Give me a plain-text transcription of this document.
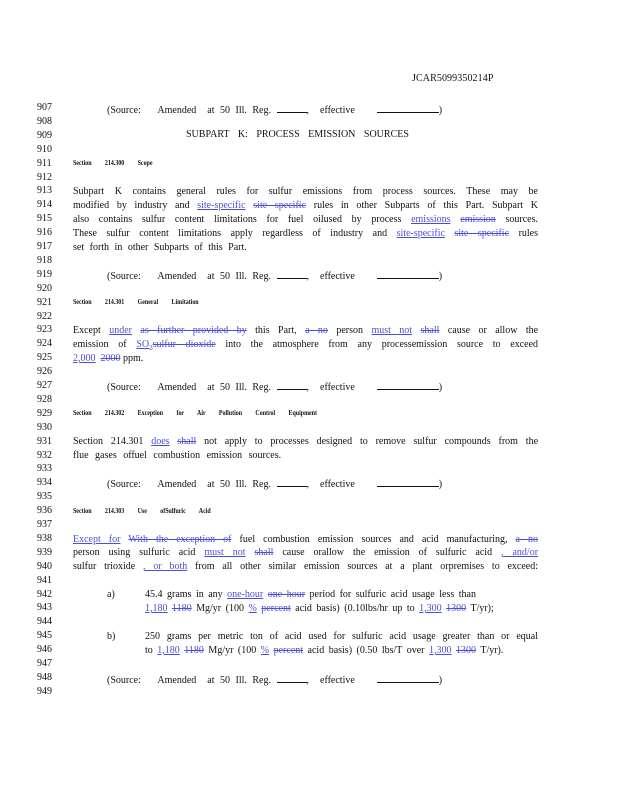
JCAR5099350214P
907
908
909
910
911
912
913
914
915
916
917
918
919
920
921
922
923
924
925
926
927
928
929
930
931
932
933
934
935
936
937
938
939
940
941
942
943
944
945
946
947
948
949
(Source: Amended at 50 Ill. Reg.	,  effective	)
SUBPART K: PROCESS EMISSION SOURCES
Section 214.300 Scope
Subpart K contains general rules for sulfur emissions from process sources. These may be
modified by industry and site-specific site specific rules in other Subparts of this Part. Subpart K
also contains sulfur content limitations for fuel oilused by process emissions emission sources.
These sulfur content limitations apply regardless of industry and site-specific site specific rules
set forth in other Subparts of this Part.
(Source: Amended at 50 Ill. Reg.	,  effective	)
Section 214.301 General Limitation
Except under as further provided by this Part, a no person must not shall cause or allow the
emission of $SO_2sulfur$ dioxide into the atmosphere from any processemission source to exceed
2,000 2000 ppm.
(Source: Amended at 50 Ill. Reg.	,  effective	)
Section 214.302 Exception for Air Pollution Control Equipment
Section 214.301 does shall not apply to processes designed to remove sulfur compounds from the
flue gases offuel combustion emission sources.
(Source: Amended at 50 Ill. Reg.	,  effective	)
Section 214.303 Use ofSulfuric Acid
Except for With the exception of fuel combustion emission sources and acid manufacturing, a no
person using sulfuric acid must not shall cause orallow the emission of sulfuric acid , and/or
sulfur trioxide , or both from all other similar emission sources at a plant orpremises to exceed:
a)	45.4 grams in any one-hour one hour period for sulfuric acid usage less than
1,180 1180 Mg/yr (100 % percent acid basis) (0.10lbs/hr up to 1,300 1300 T/yr);
b)	250 grams per metric ton of acid used for sulfuric acid usage greater than or equal
to 1,180 1180 Mg/yr (100 % percent acid basis) (0.50 lbs/T over 1,300 1300 T/yr).
(Source: Amended at 50 Ill. Reg.	,  effective	)
